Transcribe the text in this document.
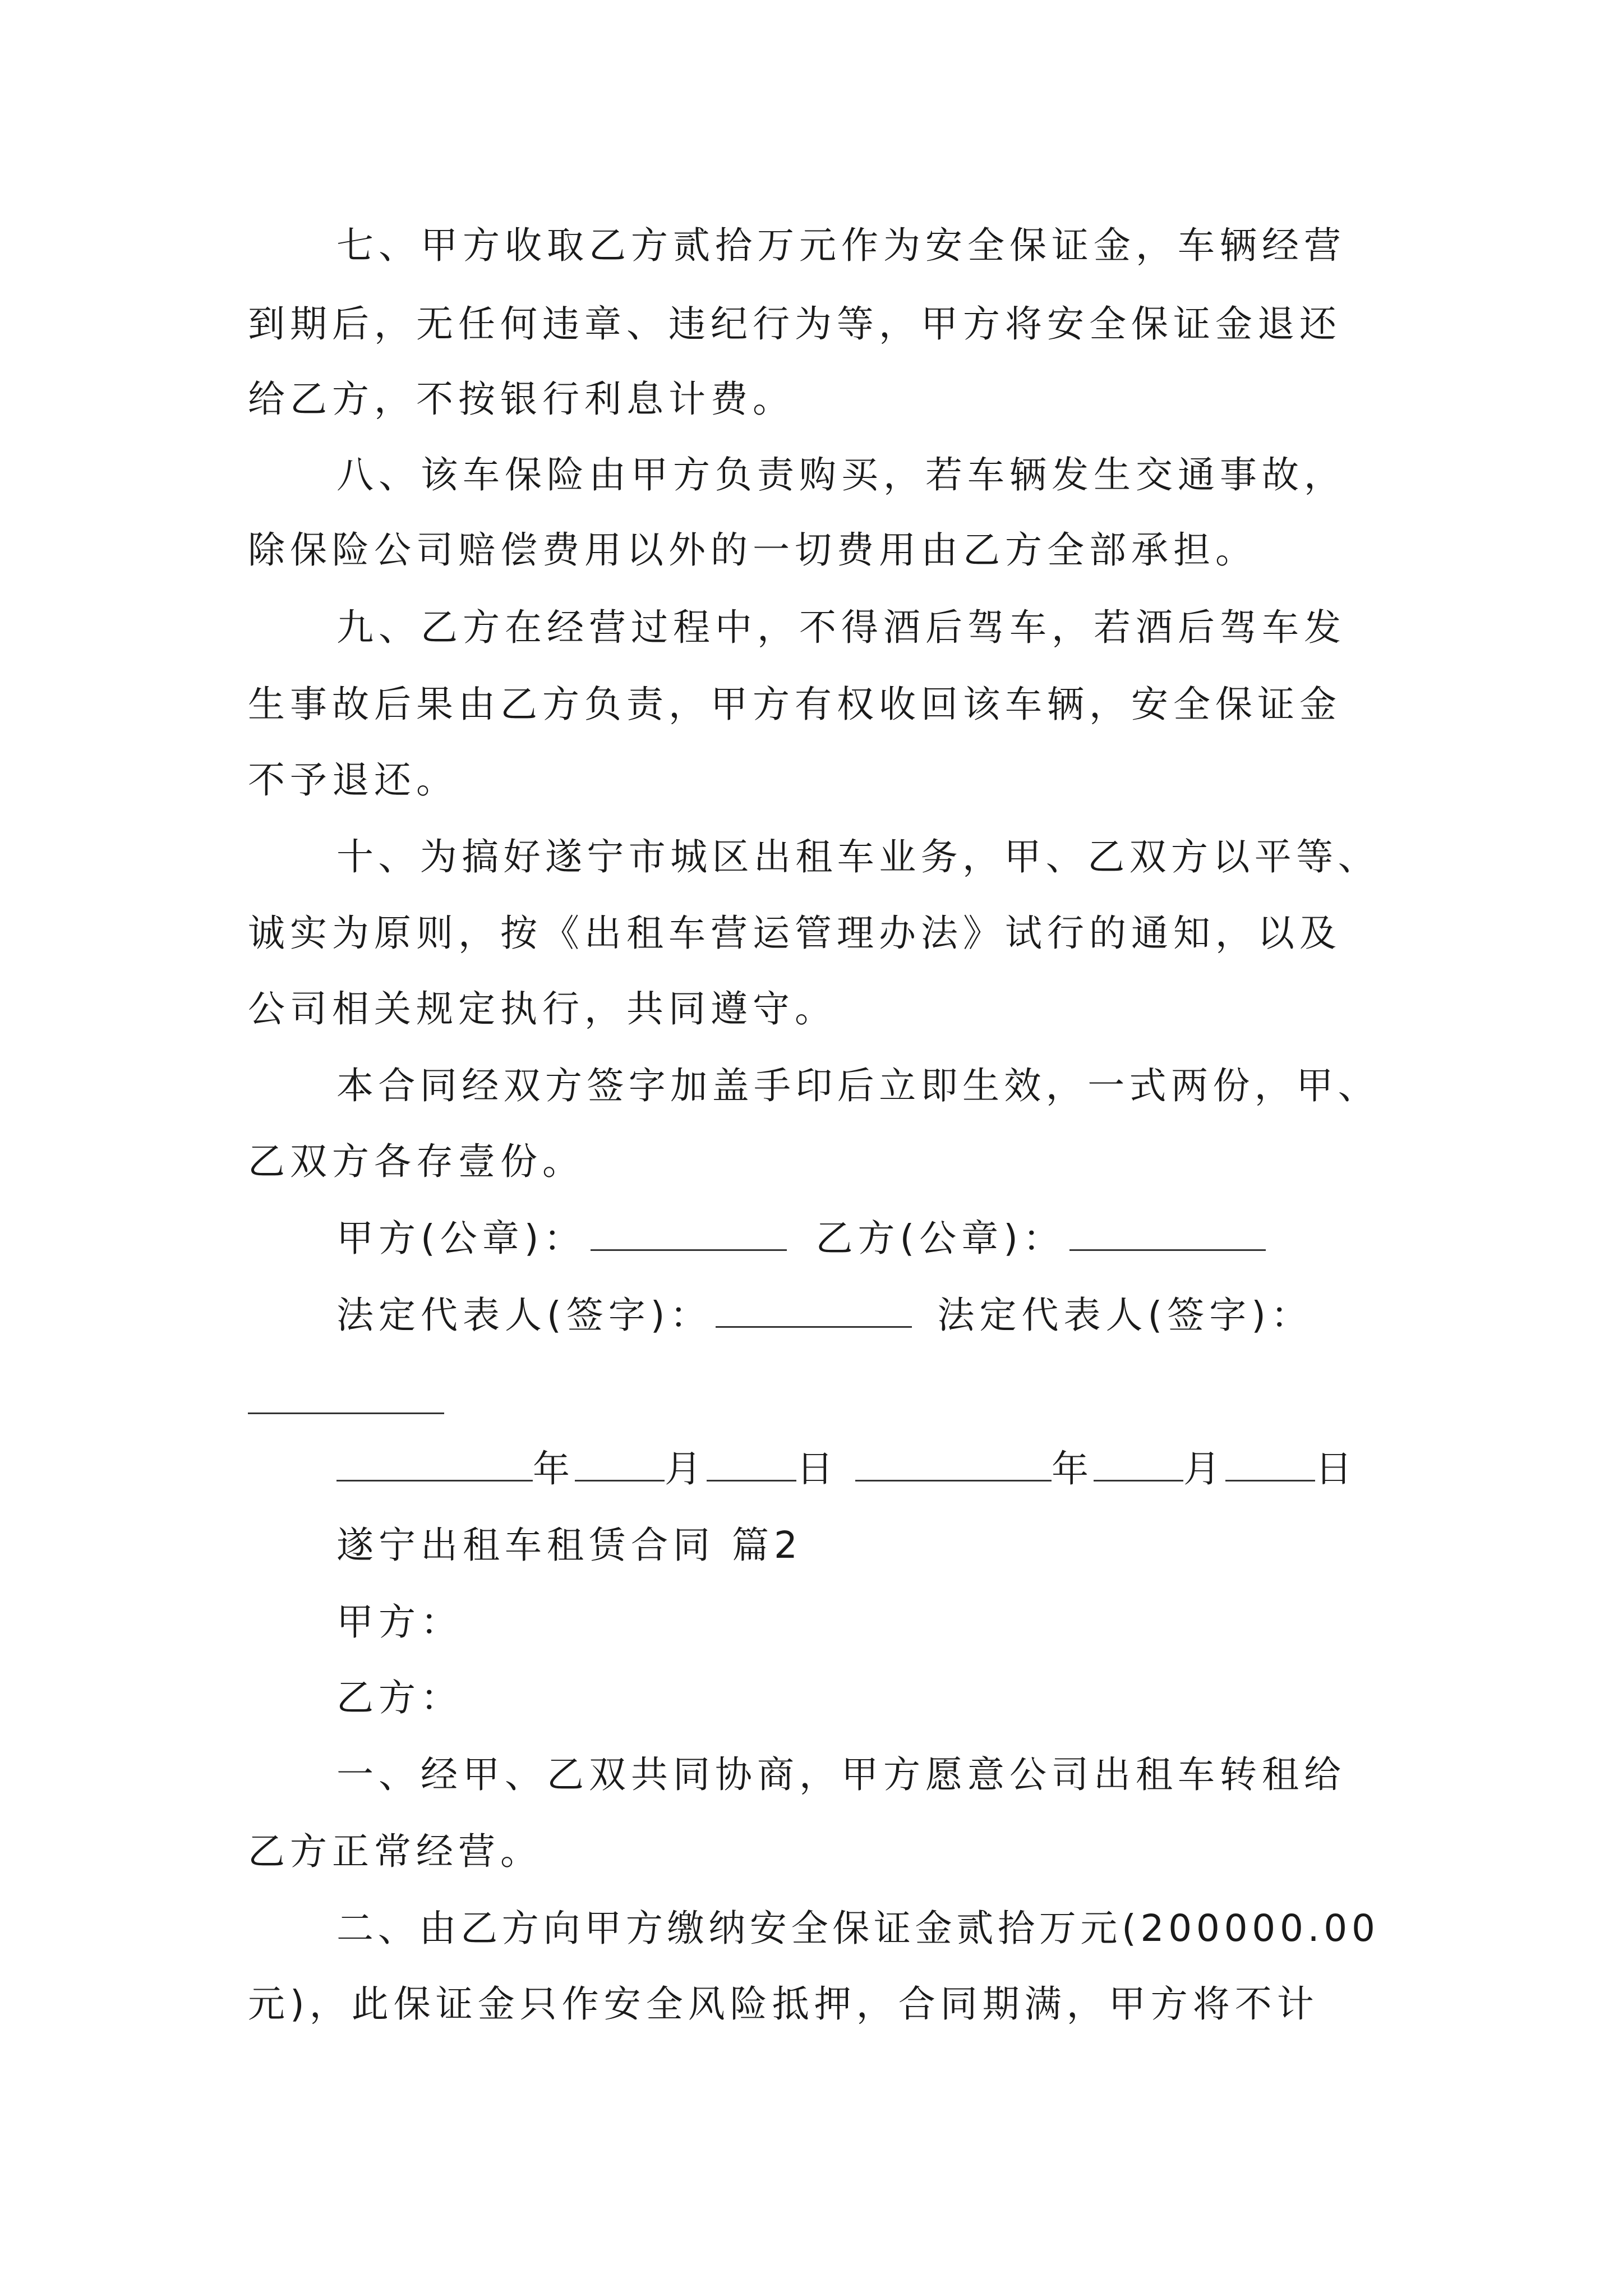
七、甲方收取乙方贰拾万元作为安全保证金，车辆经营
到期后，无任何违章、违纪行为等，甲方将安全保证金退还
给乙方，不按银行利息计费。
八、该车保险由甲方负责购买，若车辆发生交通事故，
除保险公司赔偿费用以外的一切费用由乙方全部承担。
九、乙方在经营过程中，不得酒后驾车，若酒后驾车发
生事故后果由乙方负责，甲方有权收回该车辆，安全保证金
不予退还。
十、为搞好遂宁市城区出租车业务，甲、乙双方以平等、
诚实为原则，按《出租车营运管理办法》试行的通知，以及
公司相关规定执行，共同遵守。
本合同经双方签字加盖手印后立即生效，一式两份，甲、
乙双方各存壹份。
甲方(公章)：	乙方(公章)：
法定代表人(签字)：	法定代表人(签字)：
年 月 日	年 月 日
遂宁出租车租赁合同 篇2
甲方：
乙方：
一、经甲、乙双共同协商，甲方愿意公司出租车转租给
乙方正常经营。
二、由乙方向甲方缴纳安全保证金贰拾万元(200000.00
元)，此保证金只作安全风险抵押，合同期满，甲方将不计
